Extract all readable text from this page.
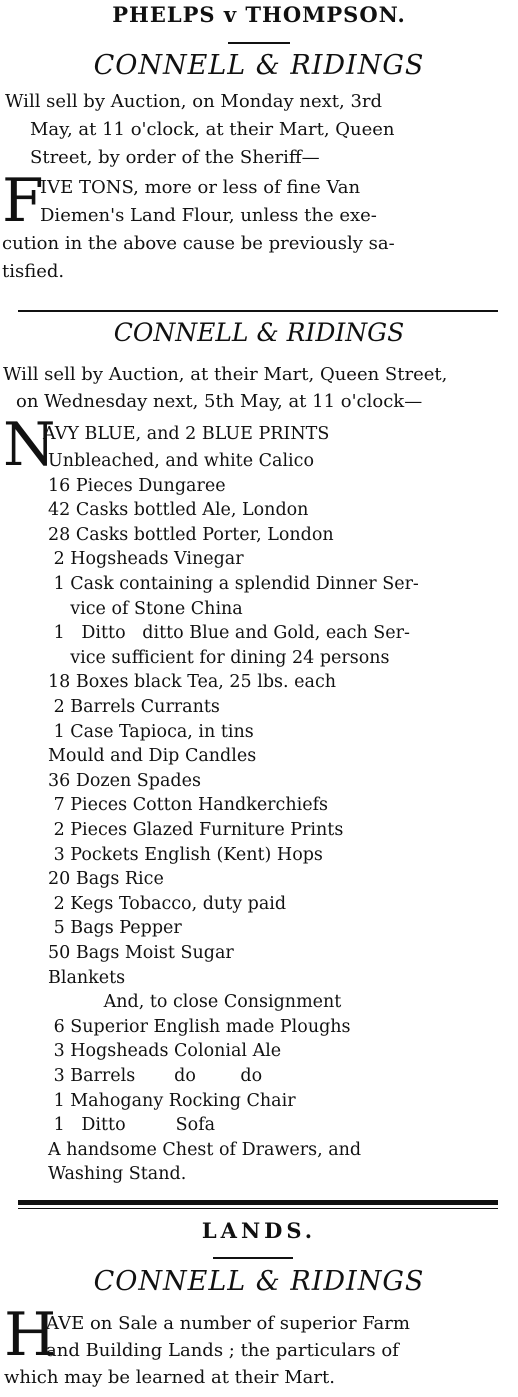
PHELPS v THOMPSON.
CONNELL & RIDINGS
Will sell by Auction, on Monday next, 3rd
May, at 11 o'clock, at their Mart, Queen
Street, by order of the Sheriff—
F
IVE TONS, more or less of fine Van
Diemen's Land Flour, unless the exe-
cution in the above cause be previously sa-
tisfied.
CONNELL & RIDINGS
Will sell by Auction, at their Mart, Queen Street,
on Wednesday next, 5th May, at 11 o'clock—
N
AVY BLUE, and 2 BLUE PRINTS
Unbleached, and white Calico
16 Pieces Dungaree
42 Casks bottled Ale, London
28 Casks bottled Porter, London
2 Hogsheads Vinegar
1 Cask containing a splendid Dinner Ser-
vice of Stone China
1   Ditto   ditto Blue and Gold, each Ser-
vice sufficient for dining 24 persons
18 Boxes black Tea, 25 lbs. each
2 Barrels Currants
1 Case Tapioca, in tins
Mould and Dip Candles
36 Dozen Spades
7 Pieces Cotton Handkerchiefs
2 Pieces Glazed Furniture Prints
3 Pockets English (Kent) Hops
20 Bags Rice
2 Kegs Tobacco, duty paid
5 Bags Pepper
50 Bags Moist Sugar
Blankets
And, to close Consignment
6 Superior English made Ploughs
3 Hogsheads Colonial Ale
3 Barrels       do        do
1 Mahogany Rocking Chair
1   Ditto         Sofa
A handsome Chest of Drawers, and
Washing Stand.
LANDS.
CONNELL & RIDINGS
H
AVE on Sale a number of superior Farm
and Building Lands ; the particulars of
which may be learned at their Mart.
